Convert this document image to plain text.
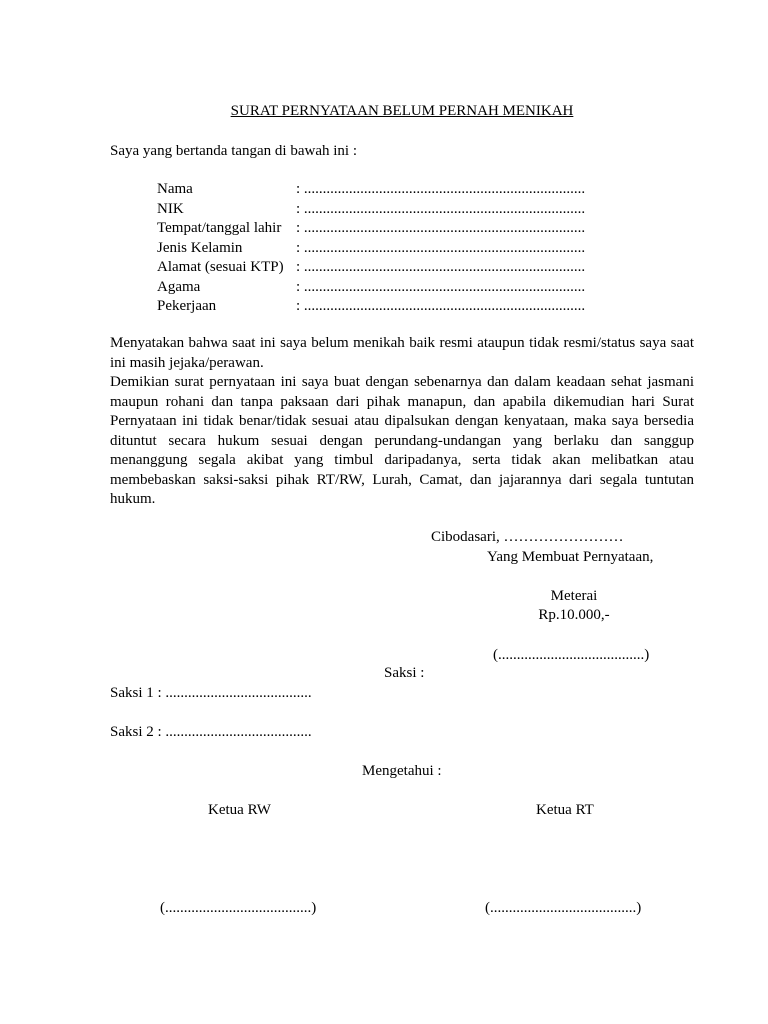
SURAT PERNYATAAN BELUM PERNAH MENIKAH
Saya yang bertanda tangan di bawah ini :
Nama	: ...........................................................................
NIK	: ...........................................................................
Tempat/tanggal lahir : ...........................................................................
Jenis Kelamin	: ...........................................................................
Alamat (sesuai KTP) : ...........................................................................
Agama	: ...........................................................................
Pekerjaan	: ...........................................................................
Menyatakan bahwa saat ini saya belum menikah baik resmi ataupun tidak resmi/status saya saat ini masih jejaka/perawan.
Demikian surat pernyataan ini saya buat dengan sebenarnya dan dalam keadaan sehat jasmani maupun rohani dan tanpa paksaan dari pihak manapun, dan apabila dikemudian hari Surat Pernyataan ini tidak benar/tidak sesuai atau dipalsukan dengan kenyataan, maka saya bersedia dituntut secara hukum sesuai dengan perundang-undangan yang berlaku dan sanggup menanggung segala akibat yang timbul daripadanya, serta tidak akan melibatkan atau membebaskan saksi-saksi pihak RT/RW, Lurah, Camat, dan jajarannya dari segala tuntutan hukum.
Cibodasari, ……………………
Yang Membuat Pernyataan,
Meterai
Rp.10.000,-
(.......................................)
Saksi :
Saksi 1 : .......................................
Saksi 2 : .......................................
Mengetahui :
Ketua RW	Ketua RT
(.......................................)	(.......................................)
